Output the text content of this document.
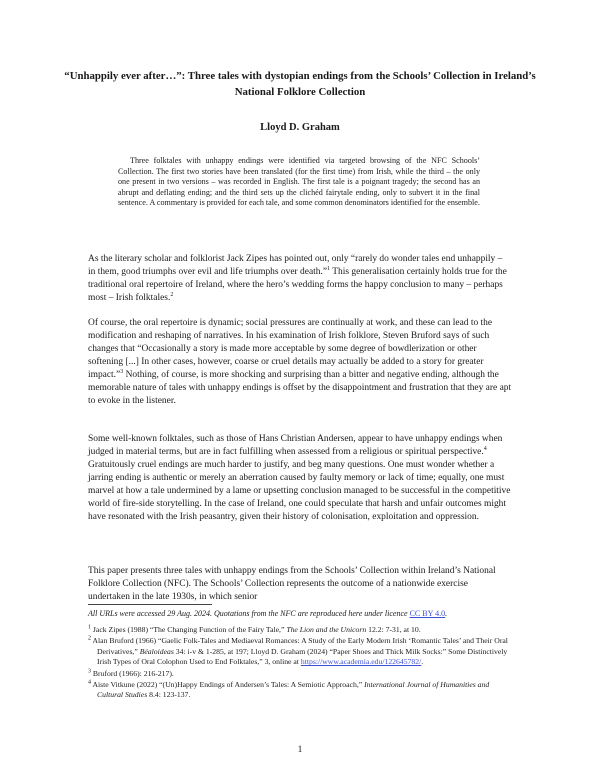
“Unhappily ever after…”: Three tales with dystopian endings from the Schools’ Collection in Ireland’s National Folklore Collection
Lloyd D. Graham

Three folktales with unhappy endings were identified via targeted browsing of the NFC Schools’ Collection. The first two stories have been translated (for the first time) from Irish, while the third – the only one present in two versions – was recorded in English. The first tale is a poignant tragedy; the second has an abrupt and deflating ending; and the third sets up the clichéd fairytale ending, only to subvert it in the final sentence. A commentary is provided for each tale, and some common denominators identified for the ensemble.

As the literary scholar and folklorist Jack Zipes has pointed out, only “rarely do wonder tales end unhappily – in them, good triumphs over evil and life triumphs over death.”$^1$ This generalisation certainly holds true for the traditional oral repertoire of Ireland, where the hero’s wedding forms the happy conclusion to many – perhaps most – Irish folktales.$^2$

Of course, the oral repertoire is dynamic; social pressures are continually at work, and these can lead to the modification and reshaping of narratives. In his examination of Irish folklore, Steven Bruford says of such changes that “Occasionally a story is made more acceptable by some degree of bowdlerization or other softening [...] In other cases, however, coarse or cruel details may actually be added to a story for greater impact.”$^3$ Nothing, of course, is more shocking and surprising than a bitter and negative ending, although the memorable nature of tales with unhappy endings is offset by the disappointment and frustration that they are apt to evoke in the listener.

Some well-known folktales, such as those of Hans Christian Andersen, appear to have unhappy endings when judged in material terms, but are in fact fulfilling when assessed from a religious or spiritual perspective.$^4$ Gratuitously cruel endings are much harder to justify, and beg many questions. One must wonder whether a jarring ending is authentic or merely an aberration caused by faulty memory or lack of time; equally, one must marvel at how a tale undermined by a lame or upsetting conclusion managed to be successful in the competitive world of fire-side storytelling. In the case of Ireland, one could speculate that harsh and unfair outcomes might have resonated with the Irish peasantry, given their history of colonisation, exploitation and oppression.

This paper presents three tales with unhappy endings from the Schools’ Collection within Ireland’s National Folklore Collection (NFC). The Schools’ Collection represents the outcome of a nationwide exercise undertaken in the late 1930s, in which senior

All URLs were accessed 29 Aug. 2024. Quotations from the NFC are reproduced here under licence CC BY 4.0.

$^1$ Jack Zipes (1988) “The Changing Function of the Fairy Tale,” The Lion and the Unicorn 12.2: 7-31, at 10.

$^2$ Alan Bruford (1966) “Gaelic Folk-Tales and Mediaeval Romances: A Study of the Early Modern Irish ‘Romantic Tales’ and Their Oral Derivatives,” Béaloideas 34: i-v & 1-285, at 197; Lloyd D. Graham (2024) “Paper Shoes and Thick Milk Socks:” Some Distinctively Irish Types of Oral Colophon Used to End Folktales,” 3, online at https://www.academia.edu/122645782/.

$^3$ Bruford (1966): 216-217).

$^4$ Aiste Vitkune (2022) “(Un)Happy Endings of Andersen’s Tales: A Semiotic Approach,” International Journal of Humanities and Cultural Studies 8.4: 123-137.

1
